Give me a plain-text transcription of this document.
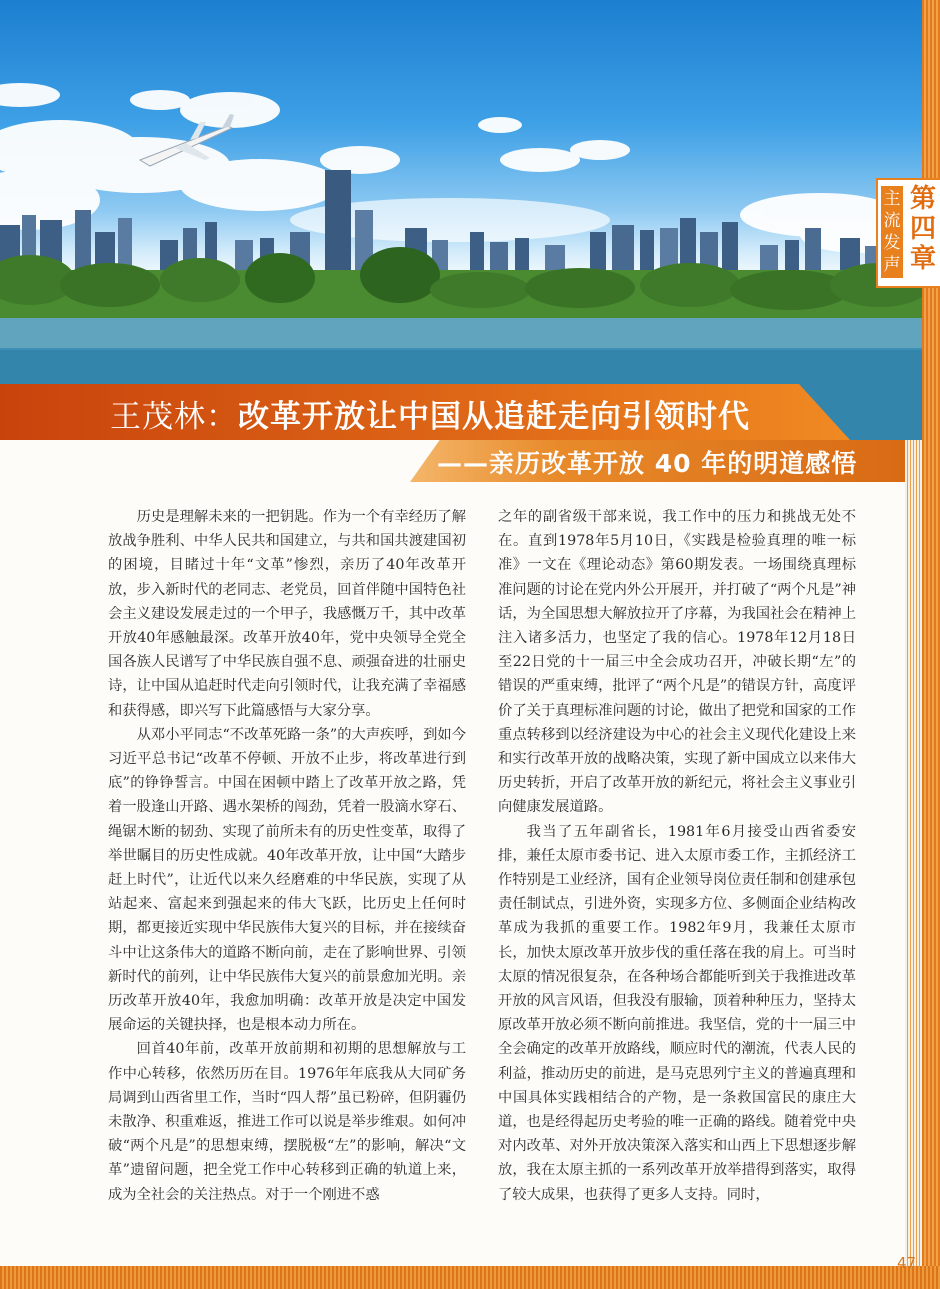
主流发声
第四章
王茂林：改革开放让中国从追赶走向引领时代
——亲历改革开放 40 年的明道感悟

历史是理解未来的一把钥匙。作为一个有幸经历了解放战争胜利、中华人民共和国建立，与共和国共渡建国初的困境，目睹过十年“文革”惨烈，亲历了40年改革开放，步入新时代的老同志、老党员，回首伴随中国特色社会主义建设发展走过的一个甲子，我感慨万千，其中改革开放40年感触最深。改革开放40年，党中央领导全党全国各族人民谱写了中华民族自强不息、顽强奋进的壮丽史诗，让中国从追赶时代走向引领时代，让我充满了幸福感和获得感，即兴写下此篇感悟与大家分享。

从邓小平同志“不改革死路一条”的大声疾呼，到如今习近平总书记“改革不停顿、开放不止步，将改革进行到底”的铮铮誓言。中国在困顿中踏上了改革开放之路，凭着一股逢山开路、遇水架桥的闯劲，凭着一股滴水穿石、绳锯木断的韧劲、实现了前所未有的历史性变革，取得了举世瞩目的历史性成就。40年改革开放，让中国“大踏步赶上时代”，让近代以来久经磨难的中华民族，实现了从站起来、富起来到强起来的伟大飞跃，比历史上任何时期，都更接近实现中华民族伟大复兴的目标，并在接续奋斗中让这条伟大的道路不断向前，走在了影响世界、引领新时代的前列，让中华民族伟大复兴的前景愈加光明。亲历改革开放40年，我愈加明确：改革开放是决定中国发展命运的关键抉择，也是根本动力所在。

回首40年前，改革开放前期和初期的思想解放与工作中心转移，依然历历在目。1976年年底我从大同矿务局调到山西省里工作，当时“四人帮”虽已粉碎，但阴霾仍未散净、积重难返，推进工作可以说是举步维艰。如何冲破“两个凡是”的思想束缚，摆脱极“左”的影响，解决“文革”遗留问题，把全党工作中心转移到正确的轨道上来，成为全社会的关注热点。对于一个刚进不惑

之年的副省级干部来说，我工作中的压力和挑战无处不在。直到1978年5月10日，《实践是检验真理的唯一标准》一文在《理论动态》第60期发表。一场围绕真理标准问题的讨论在党内外公开展开，并打破了“两个凡是”神话，为全国思想大解放拉开了序幕，为我国社会在精神上注入诸多活力，也坚定了我的信心。1978年12月18日至22日党的十一届三中全会成功召开，冲破长期“左”的错误的严重束缚，批评了“两个凡是”的错误方针，高度评价了关于真理标准问题的讨论，做出了把党和国家的工作重点转移到以经济建设为中心的社会主义现代化建设上来和实行改革开放的战略决策，实现了新中国成立以来伟大历史转折，开启了改革开放的新纪元，将社会主义事业引向健康发展道路。

我当了五年副省长，1981年6月接受山西省委安排，兼任太原市委书记、进入太原市委工作，主抓经济工作特别是工业经济，国有企业领导岗位责任制和创建承包责任制试点，引进外资，实现多方位、多侧面企业结构改革成为我抓的重要工作。1982年9月，我兼任太原市长，加快太原改革开放步伐的重任落在我的肩上。可当时太原的情况很复杂，在各种场合都能听到关于我推进改革开放的风言风语，但我没有服输，顶着种种压力，坚持太原改革开放必须不断向前推进。我坚信，党的十一届三中全会确定的改革开放路线，顺应时代的潮流，代表人民的利益，推动历史的前进，是马克思列宁主义的普遍真理和中国具体实践相结合的产物，是一条救国富民的康庄大道，也是经得起历史考验的唯一正确的路线。随着党中央对内改革、对外开放决策深入落实和山西上下思想逐步解放，我在太原主抓的一系列改革开放举措得到落实，取得了较大成果，也获得了更多人支持。同时，

47
